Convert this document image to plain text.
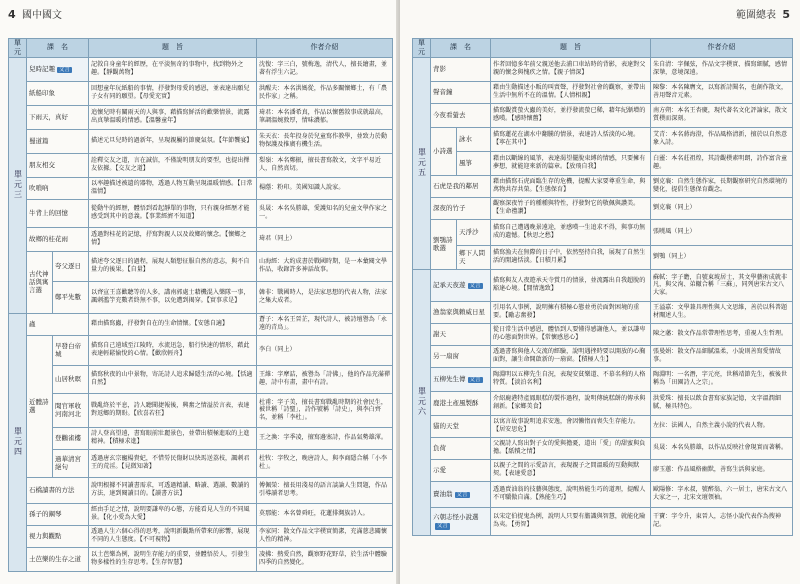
4 國中國文
單元	課　名		題　旨	作者介紹
單元三	兒時記趣 文言		記敘自身童年的經歷，在平淡無奇的事物中，找到物外之趣。【靜觀萬物】	沈復：字三白，號梅逸，清代人，擅長繪畫，並著有浮生六記。
	紙船印象		回想童年玩紙船的事情，抒發對母愛的感恩，並表達出願兒子女有同的願望。【母愛充實】	洪醒夫：本名洪媽從，作品多關懷鄉土，有「農民作家」之稱。
	下雨天，真好		追懷兒時有關雨天的人與事，藉描寫鮮活的歡樂情景，流露出真摯溫暖的情感。【溫馨童年】	琦君：本名潘希真，作品以懷舊敘事成就最高，筆調溫婉敦厚，情味濃郁。
	蜀道篇		描述元旦兒時的過新年，呈現親屬的節慶氣氛。【年節饗宴】	朱天衣：長年投身於兒童寫作教學，並致力於動物保護及推廣有機生活。
	朋友相交		詮釋交友之道，言在誠信，不僅說明朋友的要型，也提出擇友依據。【交友之道】	梨嶺：本名鄭振，擅長書寫散文，文字平易近人，自然真切。
	吹嗩吶		以率趣描述被遺的器物，透過人物互動呈現溫暖情感。【日常溫情】	楊蔭：粉印。美國知識人說家。
	牛背上的回憶		從動牛的經歷，體悟到看起靜單的事物，只有親身經歷才能感受到其中的意義。【事業經濟不知道】	吳晟：本名吳勝雄，愛護知名的兒童文學作家之一。
	故鄉的桂花雨		透過對桂花的記憶，抒寫對親人以及故鄉的懷念。【懷鄉之情】	琦君（同上）
	古代神話與寓言選	夸父逐日	描述夸父逐日的過程，展現人類想征服自然的意志，與不自量力的後果。【自量】	山海經：大約成書於戰國時期，是一本彙閱文學作品，收錄許多神話故事。
		鄭平先數	以齊宣王喜歡聽等的人多，講南郭處士藉機混入樂隊一事，諷刺濫竽充數者終無不事，以免遭到揭穿。【實事求是】	韓非：戰國時人，是法家思想的代表人物，法家之集大成者。
單元四	蟲		藉由描寫蟲，抒發對自在的生命情懷。【安態自適】	蒼子：本名王晉芷，現代詩人，被詩壇譽為「永遠的青鳥」。
	近體詩選	早發白帝城	描寫自己遠域至江陵時，水流迅急，船行快速的情形，藉此表達輕鬆愉悅的心情。【歡欣輕舟】	李白（同上）
		山居秋暝	描寫秋夜的山中景物，寄託詩人追求歸隱生活的心境。【恬適自然】	王維：字摩詰，被譽為「詩佛」，他的作品充滿禪趣，詩中有畫，畫中有詩。
		聞官軍收河南河北	戰亂終於平息，詩人聽聞捷報後，興奮之情溢於言表，表達對返鄉的期盼。【欣喜若狂】	杜甫：字子美，擅長書寫戰亂時期的社會民生，被世稱「詩聖」，詩作號稱「詩史」，與李白齊名，並稱「李杜」。
		登鸛雀樓	詩人登高望遠，書寫眼前壯麗景色，並帶出積極進取的上進精神。【積極求進】	王之渙：字季凌，擅寫邊塞詩，作品氣勢雄渾。
		過華清宮絕句	透過唐玄宗寵楊貴妃，不惜勞民傷財以快馬送荔枝，諷刺君王的荒淫。【見微知著】	杜牧：字牧之，晚唐詩人，與李商隱合稱「小李杜」。
	石橋讀書的方法		說明根據不同讀書需求，可透過精讀、略讀、選讀、數讀的方法，達到閱讀目的。【讀書方法】	傅佩榮：擅長用淺易的語言談論人生問題，作品引導讀者思考。
	孫子的鋼琴		經由手足之情，說明要謙卑的心態，方能看見人生的不同風景。【化小愛為大愛】	莫那能：本名曾舜旺，花蓮排灣族詩人。
	視力與觀點		透過人生六個心得的思考，說明新觀點所帶來的影響，展現不同的人生態度。【不可視物】	李家同：散文作品文字樸實簡潔，充滿慈悲關懷人性的精神。
	土芭樂的生存之道		以土芭樂為例，說明生存能力的重要，並體悟於人，引發生物多樣性的生存思考。【生存智慧】	凌拂：熱愛自然，觀察野花野草，於生活中體驗四季的自然變化。
範圍總表 5
單元	課　名		題　旨	作者介紹
單元五	背影		作者回憶多年前父親送他去浦口車站時的背影，表達對父親的懷念與愧疚之情。【親子情深】	朱自清：字佩弦，作品文字樸實、描寫細膩，感情深摯，意境深遠。
	聲音鐘		藉由生動描述小販的叫賣聲，抒發對社會的觀察，並帶出生活中無所不在的溫情。【人情相親】	陳黎：本名陳膺文，以寫新詩聞名，也創作散文，善用聲音元素。
	今夜看螢去		描寫觀賞螢火蟲的美好，並抒發流螢已稀，藉年紀漸增的感嘆。【感時懷舊】	南方朔：本名王杏慶，現代著名文化評論家，散文質樸而深刻。
	小詩選	詠水	描寫蓮花在湖水中翻騰的情景，表達詩人恬淡的心境。【寧在其中】	艾青：本名蔣海澄，作品風格清新，擅於以自然意象入詩。
		風箏	藉由以斷線的風箏，表達渴望擺脫束縛的情感，只要擁有夢想，就能迎來新的篇章。【放飛自我】	白靈：本名莊祖煌，其詩觀樸素明朗，詩作富含童趣。
	石虎是我的鄰居		藉由描寫石虎面臨生存的危機，提醒大家要尊重生命，與萬物共存共榮。【生態保育】	劉克襄：自然生態作家，長期觀察研究自然環境的變化，提倡生態保育觀念。
	深夜的竹子		觀察深夜竹子的種種與特性，抒發對它的敬佩與讚美。【生命禮讚】	劉克襄（同上）
	劉鶚詩歌選	天淨沙	描寫自己遭遇晚景遠途，並感嘆一生追求不得，與事功無成的遺憾。【秋思之愁】	張曉風（同上）
		鄉下人問天	描寫漁夫在無際的日子中，依然堅持自我，展現了自然生活的閒適恬淡。【日積月累】	劉鶚（同上）
單元六	記承天夜遊 文言		描寫與友人夜遊承天寺賞月的情景，並流露出自我超脫的豁達心境。【閒情逸致】	蘇軾：字子瞻，自號東坡居士，其文學藝術成就非凡，與父洵、弟轍合稱「三蘇」，同列唐宋古文八大家。
	漁翁家與賴威日星		引用名人事例，說明擁有積極心態並勇於面對困境的重要。【勵志奮發】	王溢嘉：文學兼具理性與人文思維，善於以科普題材闡述人生。
	謝天		從日常生活中感恩，體悟到人要懂得感謝他人，並以謙卑的心態面對世界。【常懷感恩心】	陳之藩：散文作品常帶理性思考，重視人生哲理。
	另一扇窗		透過書寫與他人交流的經驗，說明遇挫時要以開放的心胸面對，讓生命開啟新的一扇窗。【積極人生】	張曼娟：散文作品細膩溫柔，小說則善寫愛情故事。
	五柳先生傳 文言		陶淵明以五柳先生自況，表現安貧樂道、不慕名利的人格特質。【淡泊名利】	陶淵明：一名潛，字元亮，世稱靖節先生，被後世稱為「田園詩人之宗」。
	鹿港土產風製酥		介紹鹿港特產鳳眼糕的製作過程，說明傳統糕餅的傳承與創新。【家鄉美食】	洪愛珠：擅長以飲食書寫家族記憶，文字溫潤細膩，極具特色。
	貓的天堂		以寓言故事說明追求安逸，會因懶惰而喪失生存能力。【居安思危】	左拉：法國人，自然主義小說的代表人物。
	負荷		父親詩人寫出對子女的愛與擔憂，道出「愛」的甜蜜與負擔。【舐犢之情】	吳晟：本名吳勝雄，以作品反映社會現實而著稱。
	示愛		以親子之間的示愛語言，表現親子之間溫暖的互動與默契。【表達愛意】	廖玉蕙：作品風格幽默，善寫生活與家庭。
	賣油翁 文言		透過賣油翁的技藝與態度，說明熟能生巧的道理，提醒人不可驕傲自滿。【熟能生巧】	歐陽修：字永叔，號醉翁、六一居士，唐宋古文八大家之一，北宋文壇領袖。
	六朝志怪小說選文言		以宋定伯捉鬼為例，說明人只要有膽識與智慧，就能化險為夷。【勇智】	干寶：字令升，東晉人，志怪小說代表作為搜神記。
